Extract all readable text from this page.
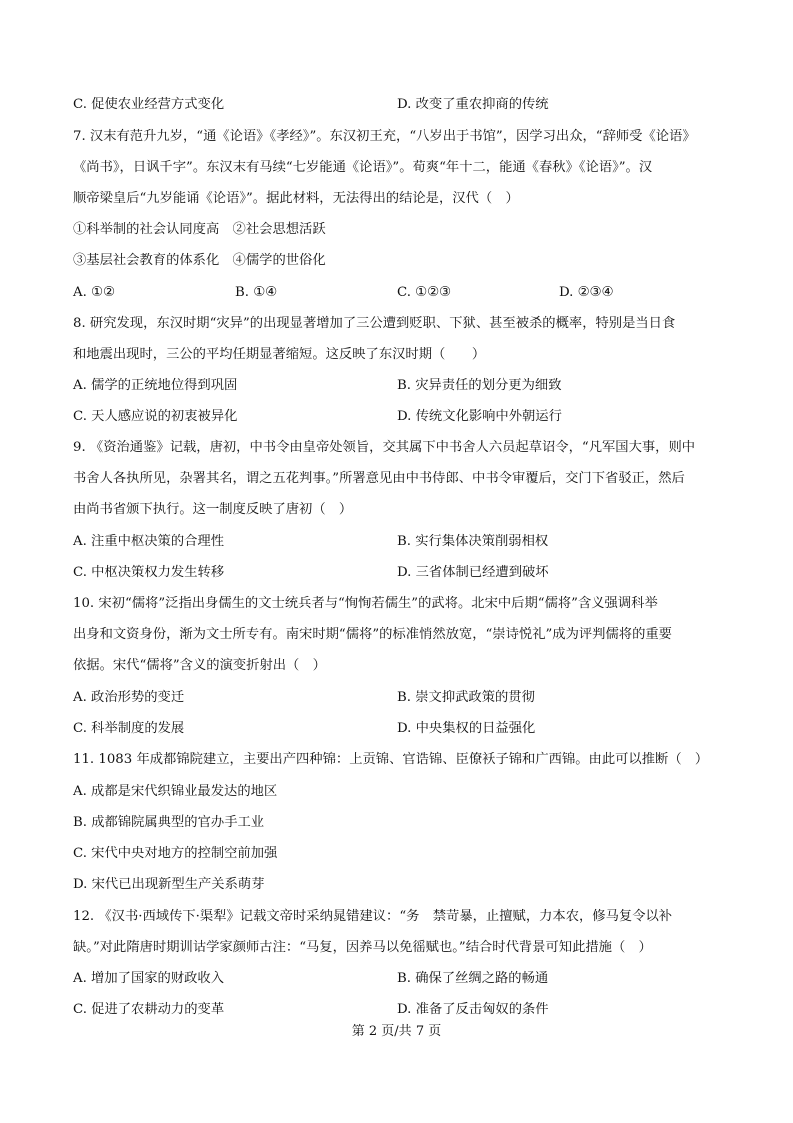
C. 促使农业经营方式变化	D. 改变了重农抑商的传统
7. 汉末有范升九岁，“通《论语》《孝经》”。东汉初王充，“八岁出于书馆”，因学习出众，“辞师受《论语》
《尚书》，日讽千字”。东汉末有马续“七岁能通《论语》”。荀爽“年十二，能通《春秋》《论语》”。汉
顺帝梁皇后“九岁能诵《论语》”。据此材料，无法得出的结论是，汉代（　）
①科举制的社会认同度高　②社会思想活跃
③基层社会教育的体系化　④儒学的世俗化
A. ①②	B. ①④	C. ①②③	D. ②③④
8. 研究发现，东汉时期“灾异”的出现显著增加了三公遭到贬职、下狱、甚至被杀的概率，特别是当日食
和地震出现时，三公的平均任期显著缩短。这反映了东汉时期（　　）
A. 儒学的正统地位得到巩固	B. 灾异责任的划分更为细致
C. 天人感应说的初衷被异化	D. 传统文化影响中外朝运行
9. 《资治通鉴》记载，唐初，中书令由皇帝处领旨，交其属下中书舍人六员起草诏令，“凡军国大事，则中
书舍人各执所见，杂署其名，谓之五花判事。”所署意见由中书侍郎、中书令审覆后，交门下省驳正，然后
由尚书省颁下执行。这一制度反映了唐初（　）
A. 注重中枢决策的合理性	B. 实行集体决策削弱相权
C. 中枢决策权力发生转移	D. 三省体制已经遭到破坏
10. 宋初“儒将”泛指出身儒生的文士统兵者与“恂恂若儒生”的武将。北宋中后期“儒将”含义强调科举
出身和文资身份，渐为文士所专有。南宋时期“儒将”的标准悄然放宽，“崇诗悦礼”成为评判儒将的重要
依据。宋代“儒将”含义的演变折射出（　）
A. 政治形势的变迁	B. 崇文抑武政策的贯彻
C. 科举制度的发展	D. 中央集权的日益强化
11. 1083 年成都锦院建立，主要出产四种锦：上贡锦、官诰锦、臣僚袄子锦和广西锦。由此可以推断（　）
A. 成都是宋代织锦业最发达的地区
B. 成都锦院属典型的官办手工业
C. 宋代中央对地方的控制空前加强
D. 宋代已出现新型生产关系萌芽
12. 《汉书·西域传下·渠犁》记载文帝时采纳晁错建议：“务　禁苛暴，止擅赋，力本农，修马复令以补
缺。”对此隋唐时期训诂学家颜师古注：“马复，因养马以免徭赋也。”结合时代背景可知此措施（　）
A. 增加了国家的财政收入	B. 确保了丝绸之路的畅通
C. 促进了农耕动力的变革	D. 准备了反击匈奴的条件
第 2 页/共 7 页
